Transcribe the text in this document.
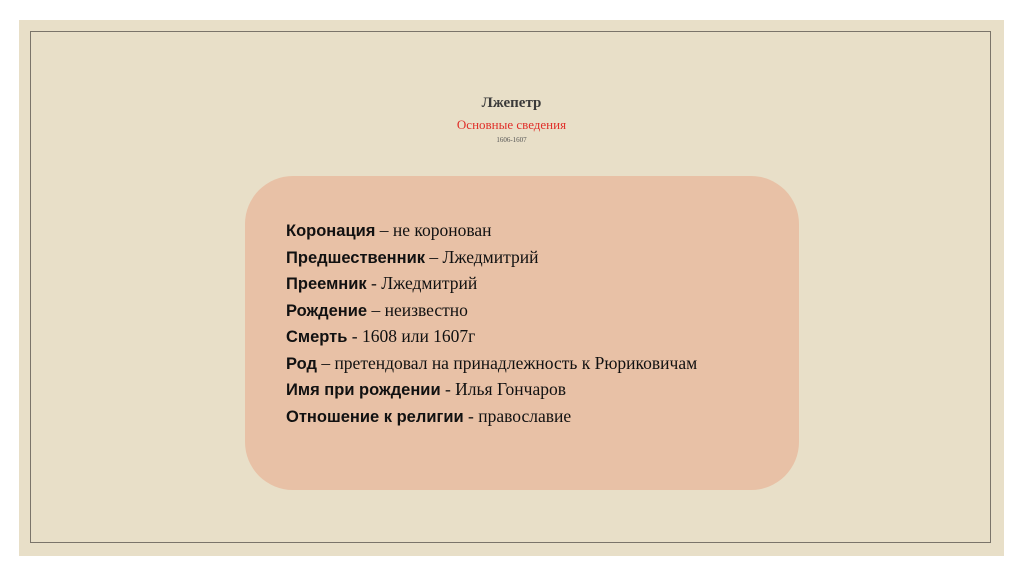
Лжепетр
Основные сведения
1606-1607
Коронация – не коронован
Предшественник – Лжедмитрий
Преемник - Лжедмитрий
Рождение – неизвестно
Смерть - 1608 или 1607г
Род – претендовал на принадлежность к Рюриковичам
Имя при рождении - Илья Гончаров
Отношение к религии - православие
